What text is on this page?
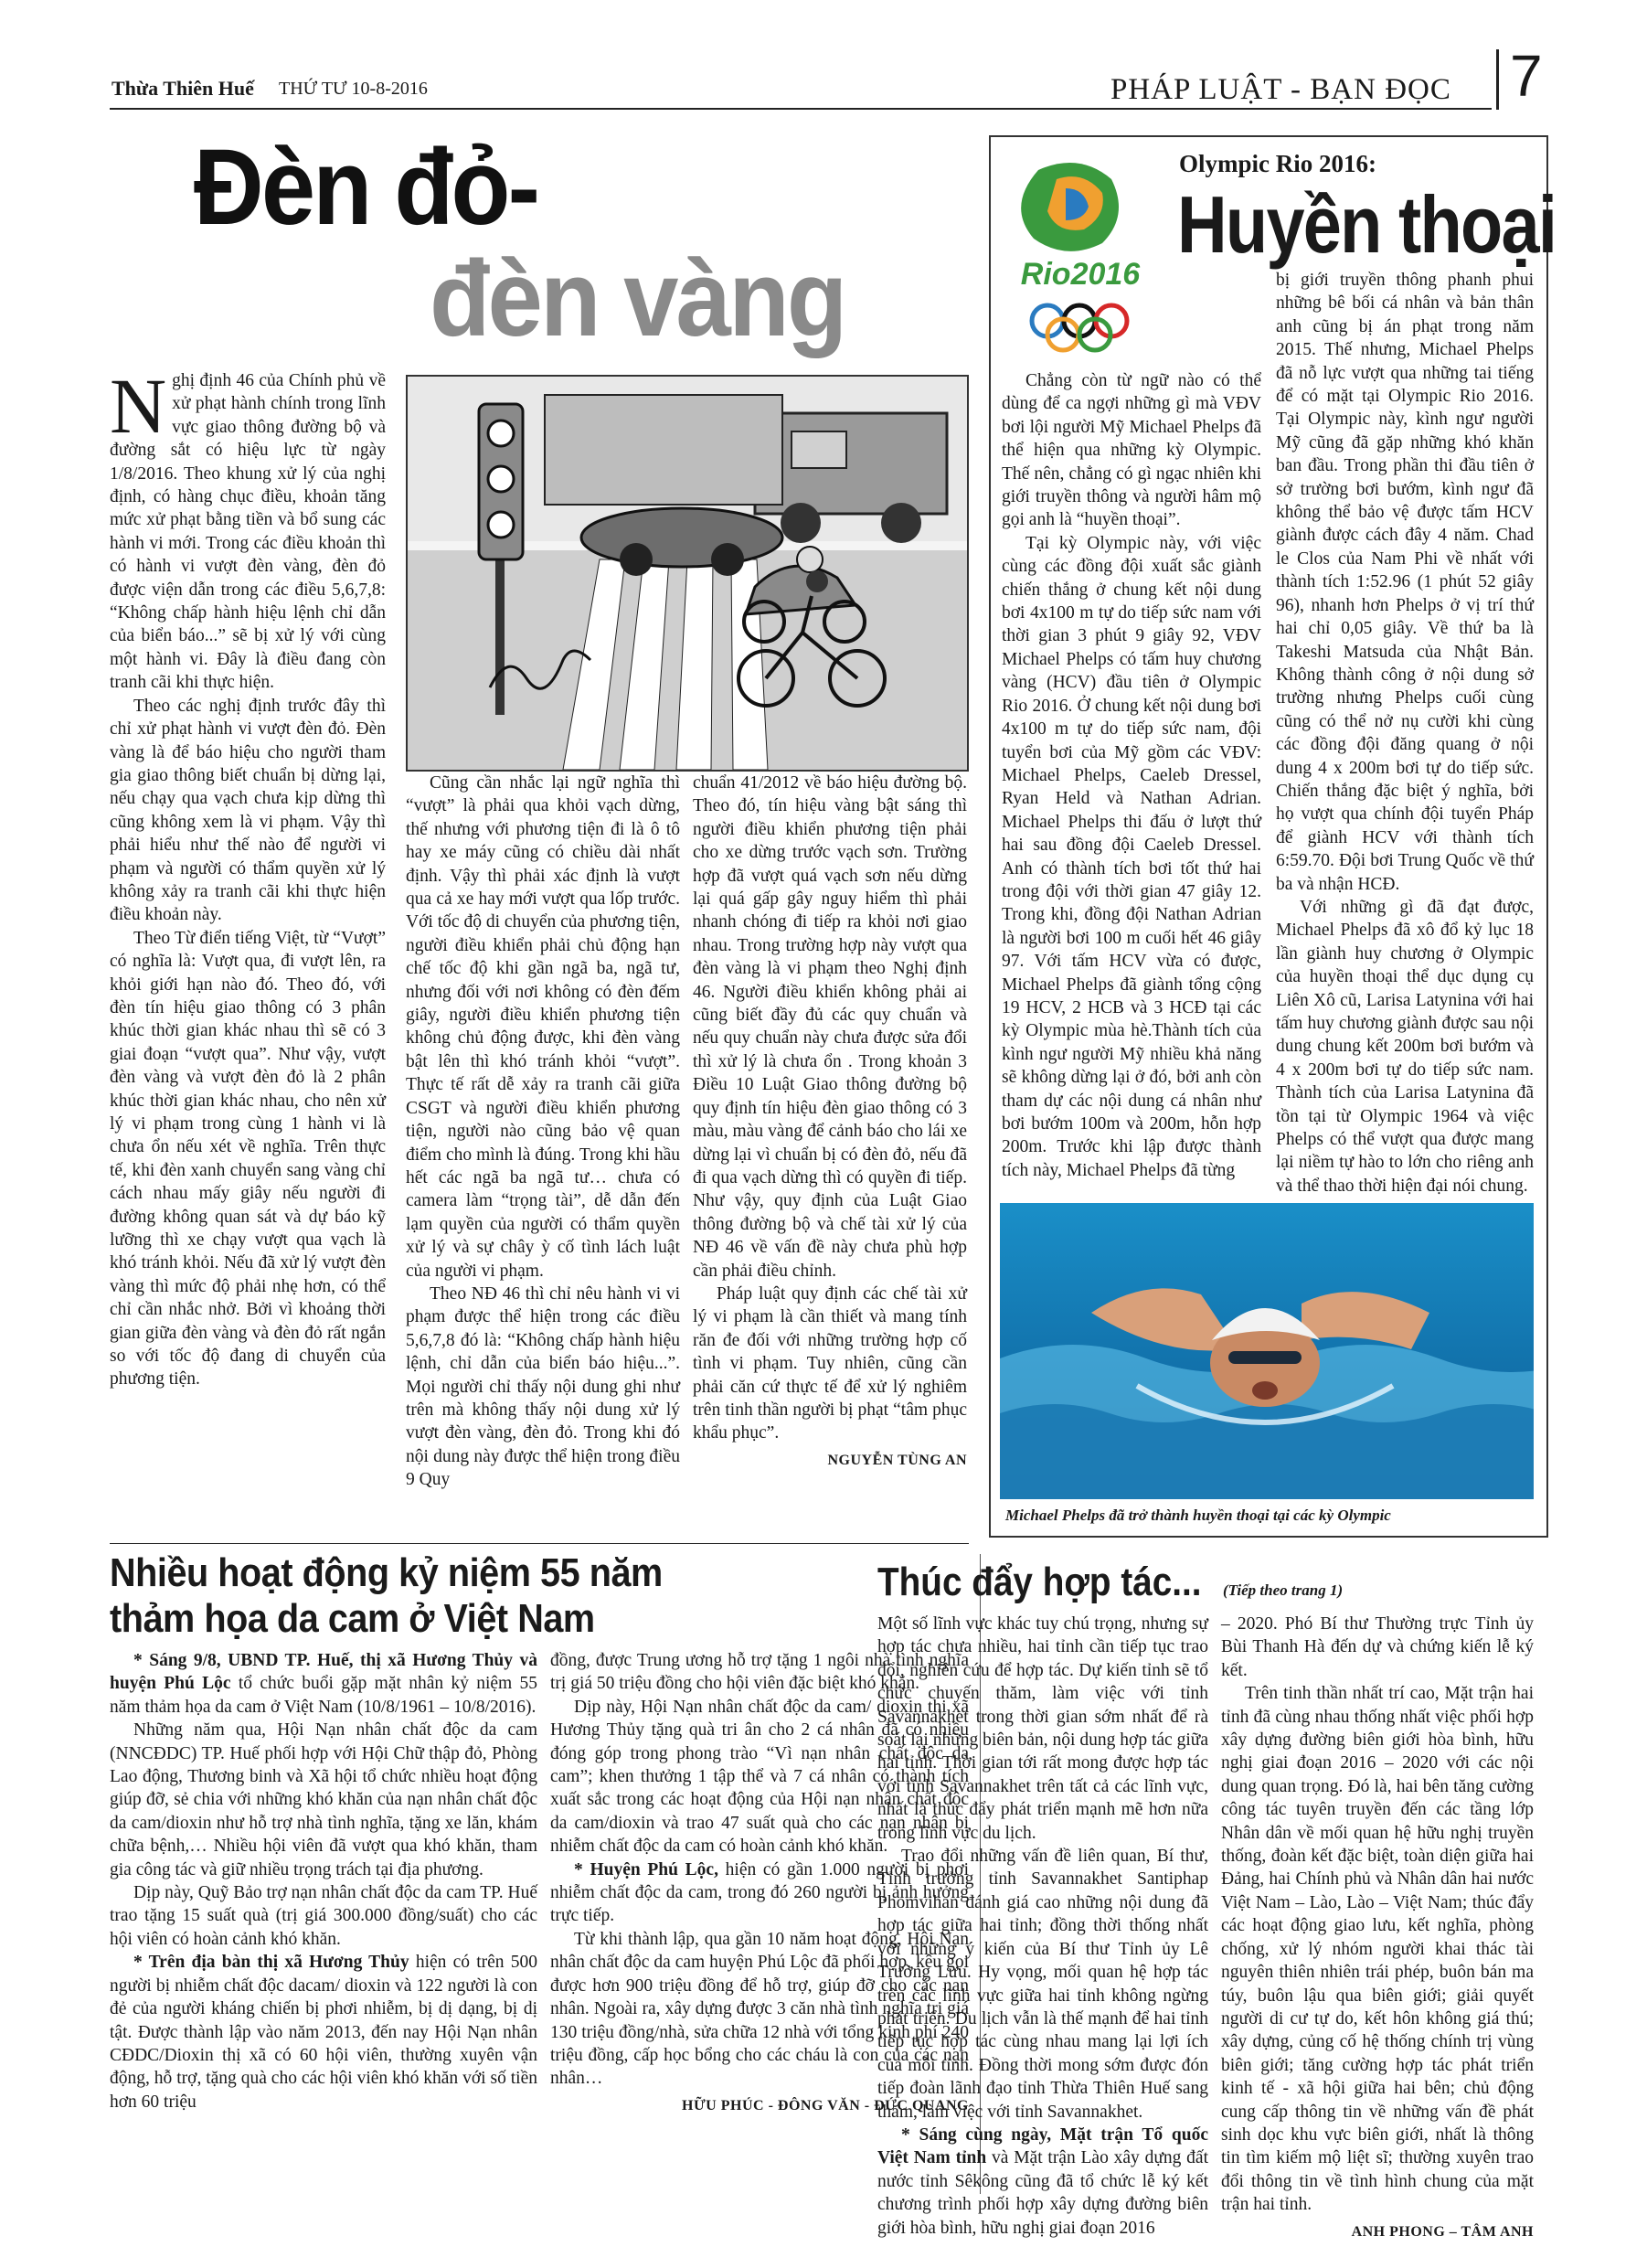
Thừa Thiên Huế THỨ TƯ 10-8-2016	PHÁP LUẬT - BẠN ĐỌC 7
Đèn đỏ-
đèn vàng
N ghị định 46 của Chính phủ về xử phạt hành chính trong lĩnh vực giao thông đường bộ và đường sắt có hiệu lực từ ngày 1/8/2016. Theo khung xử lý của nghị định, có hàng chục điều, khoản tăng mức xử phạt bằng tiền và bổ sung các hành vi mới. Trong các điều khoản thì có hành vi vượt đèn vàng, đèn đỏ được viện dẫn trong các điều 5,6,7,8: “Không chấp hành hiệu lệnh chỉ dẫn của biển báo...” sẽ bị xử lý với cùng một hành vi. Đây là điều đang còn tranh cãi khi thực hiện.

Theo các nghị định trước đây thì chỉ xử phạt hành vi vượt đèn đỏ. Đèn vàng là để báo hiệu cho người tham gia giao thông biết chuẩn bị dừng lại, nếu chạy qua vạch chưa kịp dừng thì cũng không xem là vi phạm. Vậy thì phải hiểu như thế nào để người vi phạm và người có thẩm quyền xử lý không xảy ra tranh cãi khi thực hiện điều khoản này.

Theo Từ điển tiếng Việt, từ “Vượt” có nghĩa là: Vượt qua, đi vượt lên, ra khỏi giới hạn nào đó. Theo đó, với đèn tín hiệu giao thông có 3 phân khúc thời gian khác nhau thì sẽ có 3 giai đoạn “vượt qua”. Như vậy, vượt đèn vàng và vượt đèn đỏ là 2 phân khúc thời gian khác nhau, cho nên xử lý vi phạm trong cùng 1 hành vi là chưa ổn nếu xét về nghĩa. Trên thực tế, khi đèn xanh chuyển sang vàng chỉ cách nhau mấy giây nếu người đi đường không quan sát và dự báo kỹ lưỡng thì xe chạy vượt qua vạch là khó tránh khỏi. Nếu đã xử lý vượt đèn vàng thì mức độ phải nhẹ hơn, có thể chỉ cần nhắc nhở. Bởi vì khoảng thời gian giữa đèn vàng và đèn đỏ rất ngắn so với tốc độ đang di chuyển của phương tiện.

Cũng cần nhắc lại ngữ nghĩa thì “vượt” là phải qua khỏi vạch dừng, thế nhưng với phương tiện đi là ô tô hay xe máy cũng có chiều dài nhất định. Vậy thì phải xác định là vượt qua cả xe hay mới vượt qua lốp trước. Với tốc độ di chuyển của phương tiện, người điều khiển phải chủ động hạn chế tốc độ khi gần ngã ba, ngã tư, nhưng đối với nơi không có đèn đếm giây, người điều khiển phương tiện không chủ động được, khi đèn vàng bật lên thì khó tránh khỏi “vượt”. Thực tế rất dễ xảy ra tranh cãi giữa CSGT và người điều khiển phương tiện, người nào cũng bảo vệ quan điểm cho mình là đúng. Trong khi hầu hết các ngã ba ngã tư… chưa có camera làm “trọng tài”, dễ dẫn đến lạm quyền của người có thẩm quyền xử lý và sự chây ỳ cố tình lách luật của người vi phạm.

Theo NĐ 46 thì chỉ nêu hành vi vi phạm được thể hiện trong các điều 5,6,7,8 đó là: “Không chấp hành hiệu lệnh, chỉ dẫn của biển báo hiệu...”. Mọi người chỉ thấy nội dung ghi như trên mà không thấy nội dung xử lý vượt đèn vàng, đèn đỏ. Trong khi đó nội dung này được thể hiện trong điều 9 Quy

chuẩn 41/2012 về báo hiệu đường bộ. Theo đó, tín hiệu vàng bật sáng thì người điều khiển phương tiện phải cho xe dừng trước vạch sơn. Trường hợp đã vượt quá vạch sơn nếu dừng lại quá gấp gây nguy hiểm thì phải nhanh chóng đi tiếp ra khỏi nơi giao nhau. Trong trường hợp này vượt qua đèn vàng là vi phạm theo Nghị định 46. Người điều khiển không phải ai cũng biết đầy đủ các quy chuẩn và nếu quy chuẩn này chưa được sửa đổi thì xử lý là chưa ổn . Trong khoản 3 Điều 10 Luật Giao thông đường bộ quy định tín hiệu đèn giao thông có 3 màu, màu vàng để cảnh báo cho lái xe dừng lại vì chuẩn bị có đèn đỏ, nếu đã đi qua vạch dừng thì có quyền đi tiếp. Như vậy, quy định của Luật Giao thông đường bộ và chế tài xử lý của NĐ 46 về vấn đề này chưa phù hợp cần phải điều chỉnh.

Pháp luật quy định các chế tài xử lý vi phạm là cần thiết và mang tính răn đe đối với những trường hợp cố tình vi phạm. Tuy nhiên, cũng cần phải căn cứ thực tế để xử lý nghiêm trên tinh thần người bị phạt “tâm phục khẩu phục”.

NGUYỄN TÙNG AN
Rio2016
Olympic Rio 2016:
Huyền thoại

Chẳng còn từ ngữ nào có thể dùng để ca ngợi những gì mà VĐV bơi lội người Mỹ Michael Phelps đã thể hiện qua những kỳ Olympic. Thế nên, chẳng có gì ngạc nhiên khi giới truyền thông và người hâm mộ gọi anh là “huyền thoại”.

Tại kỳ Olympic này, với việc cùng các đồng đội xuất sắc giành chiến thắng ở chung kết nội dung bơi 4x100 m tự do tiếp sức nam với thời gian 3 phút 9 giây 92, VĐV Michael Phelps có tấm huy chương vàng (HCV) đầu tiên ở Olympic Rio 2016. Ở chung kết nội dung bơi 4x100 m tự do tiếp sức nam, đội tuyển bơi của Mỹ gồm các VĐV: Michael Phelps, Caeleb Dressel, Ryan Held và Nathan Adrian. Michael Phelps thi đấu ở lượt thứ hai sau đồng đội Caeleb Dressel. Anh có thành tích bơi tốt thứ hai trong đội với thời gian 47 giây 12. Trong khi, đồng đội Nathan Adrian là người bơi 100 m cuối hết 46 giây 97. Với tấm HCV vừa có được, Michael Phelps đã giành tổng cộng 19 HCV, 2 HCB và 3 HCĐ tại các kỳ Olympic mùa hè.Thành tích của kình ngư người Mỹ nhiều khả năng sẽ không dừng lại ở đó, bởi anh còn tham dự các nội dung cá nhân như bơi bướm 100m và 200m, hỗn hợp 200m. Trước khi lập được thành tích này, Michael Phelps đã từng

bị giới truyền thông phanh phui những bê bối cá nhân và bản thân anh cũng bị án phạt trong năm 2015. Thế nhưng, Michael Phelps đã nỗ lực vượt qua những tai tiếng để có mặt tại Olympic Rio 2016. Tại Olympic này, kình ngư người Mỹ cũng đã gặp những khó khăn ban đầu. Trong phần thi đầu tiên ở sở trường bơi bướm, kình ngư đã không thể bảo vệ được tấm HCV giành được cách đây 4 năm. Chad le Clos của Nam Phi về nhất với thành tích 1:52.96 (1 phút 52 giây 96), nhanh hơn Phelps ở vị trí thứ hai chỉ 0,05 giây. Về thứ ba là Takeshi Matsuda của Nhật Bản. Không thành công ở nội dung sở trường nhưng Phelps cuối cùng cũng có thể nở nụ cười khi cùng các đồng đội đăng quang ở nội dung 4 x 200m bơi tự do tiếp sức. Chiến thắng đặc biệt ý nghĩa, bởi họ vượt qua chính đội tuyển Pháp để giành HCV với thành tích 6:59.70. Đội bơi Trung Quốc về thứ ba và nhận HCĐ.

Với những gì đã đạt được, Michael Phelps đã xô đổ kỷ lục 18 lần giành huy chương ở Olympic của huyền thoại thể dục dụng cụ Liên Xô cũ, Larisa Latynina với hai tấm huy chương giành được sau nội dung chung kết 200m bơi bướm và 4 x 200m bơi tự do tiếp sức nam. Thành tích của Larisa Latynina đã tồn tại từ Olympic 1964 và việc Phelps có thể vượt qua được mang lại niềm tự hào to lớn cho riêng anh và thể thao thời hiện đại nói chung.

Michael Phelps đã trở thành huyền thoại tại các kỳ Olympic
Nhiều hoạt động kỷ niệm 55 năm
thảm họa da cam ở Việt Nam

* Sáng 9/8, UBND TP. Huế, thị xã Hương Thủy và huyện Phú Lộc tổ chức buổi gặp mặt nhân kỷ niệm 55 năm thảm họa da cam ở Việt Nam (10/8/1961 – 10/8/2016).

Những năm qua, Hội Nạn nhân chất độc da cam (NNCĐDC) TP. Huế phối hợp với Hội Chữ thập đỏ, Phòng Lao động, Thương binh và Xã hội tổ chức nhiều hoạt động giúp đỡ, sẻ chia với những khó khăn của nạn nhân chất độc da cam/dioxin như hỗ trợ nhà tình nghĩa, tặng xe lăn, khám chữa bệnh,… Nhiều hội viên đã vượt qua khó khăn, tham gia công tác và giữ nhiều trọng trách tại địa phương.

Dịp này, Quỹ Bảo trợ nạn nhân chất độc da cam TP. Huế trao tặng 15 suất quà (trị giá 300.000 đồng/suất) cho các hội viên có hoàn cảnh khó khăn.

* Trên địa bàn thị xã Hương Thủy hiện có trên 500 người bị nhiễm chất độc dacam/ dioxin và 122 người là con đẻ của người kháng chiến bị phơi nhiễm, bị dị dạng, bị dị tật. Được thành lập vào năm 2013, đến nay Hội Nạn nhân CĐDC/Dioxin thị xã có 60 hội viên, thường xuyên vận động, hỗ trợ, tặng quà cho các hội viên khó khăn với số tiền hơn 60 triệu

đồng, được Trung ương hỗ trợ tặng 1 ngôi nhà tình nghĩa trị giá 50 triệu đồng cho hội viên đặc biệt khó khăn.

Dịp này, Hội Nạn nhân chất độc da cam/ dioxin thị xã Hương Thủy tặng quà tri ân cho 2 cá nhân đã có nhiều đóng góp trong phong trào “Vì nạn nhân chất độc da cam”; khen thưởng 1 tập thể và 7 cá nhân có thành tích xuất sắc trong các hoạt động của Hội nạn nhân chất độc da cam/dioxin và trao 47 suất quà cho các nạn nhân bị nhiễm chất độc da cam có hoàn cảnh khó khăn.

* Huyện Phú Lộc, hiện có gần 1.000 người bị phơi nhiễm chất độc da cam, trong đó 260 người bị ảnh hưởng trực tiếp.

Từ khi thành lập, qua gần 10 năm hoạt động, Hội Nạn nhân chất độc da cam huyện Phú Lộc đã phối hợp, kêu gọi được hơn 900 triệu đồng để hỗ trợ, giúp đỡ cho các nạn nhân. Ngoài ra, xây dựng được 3 căn nhà tình nghĩa trị giá 130 triệu đồng/nhà, sửa chữa 12 nhà với tổng kinh phí 240 triệu đồng, cấp học bổng cho các cháu là con của các nạn nhân…

HỮU PHÚC - ĐÔNG VĂN - ĐỨC QUANG
Thúc đẩy hợp tác... (Tiếp theo trang 1)

Một số lĩnh vực khác tuy chú trọng, nhưng sự hợp tác chưa nhiều, hai tỉnh cần tiếp tục trao đổi, nghiên cứu để hợp tác. Dự kiến tỉnh sẽ tổ chức chuyến thăm, làm việc với tỉnh Savannakhet trong thời gian sớm nhất để rà soát lại những biên bản, nội dung hợp tác giữa hai tỉnh. Thời gian tới rất mong được hợp tác với tỉnh Savannakhet trên tất cả các lĩnh vực, nhất là thúc đẩy phát triển mạnh mẽ hơn nữa trong lĩnh vực du lịch.

Trao đổi những vấn đề liên quan, Bí thư, Tỉnh trưởng tỉnh Savannakhet Santiphap Phomvihan đánh giá cao những nội dung đã hợp tác giữa hai tỉnh; đồng thời thống nhất với những ý kiến của Bí thư Tỉnh ủy Lê Trường Lưu. Hy vọng, mối quan hệ hợp tác trên các lĩnh vực giữa hai tỉnh không ngừng phát triển. Du lịch vẫn là thế mạnh để hai tỉnh tiếp tục hợp tác cùng nhau mang lại lợi ích của mỗi tỉnh. Đồng thời mong sớm được đón tiếp đoàn lãnh đạo tỉnh Thừa Thiên Huế sang thăm, làm việc với tỉnh Savannakhet.

* Sáng cùng ngày, Mặt trận Tổ quốc Việt Nam tỉnh và Mặt trận Lào xây dựng đất nước tỉnh Sêkông cũng đã tổ chức lễ ký kết chương trình phối hợp xây dựng đường biên giới hòa bình, hữu nghị giai đoạn 2016

– 2020. Phó Bí thư Thường trực Tỉnh ủy Bùi Thanh Hà đến dự và chứng kiến lễ ký kết.

Trên tinh thần nhất trí cao, Mặt trận hai tỉnh đã cùng nhau thống nhất việc phối hợp xây dựng đường biên giới hòa bình, hữu nghị giai đoạn 2016 – 2020 với các nội dung quan trọng. Đó là, hai bên tăng cường công tác tuyên truyền đến các tầng lớp Nhân dân về mối quan hệ hữu nghị truyền thống, đoàn kết đặc biệt, toàn diện giữa hai Đảng, hai Chính phủ và Nhân dân hai nước Việt Nam – Lào, Lào – Việt Nam; thúc đẩy các hoạt động giao lưu, kết nghĩa, phòng chống, xử lý nhóm người khai thác tài nguyên thiên nhiên trái phép, buôn bán ma túy, buôn lậu qua biên giới; giải quyết người di cư tự do, kết hôn không giá thú; xây dựng, củng cố hệ thống chính trị vùng biên giới; tăng cường hợp tác phát triển kinh tế - xã hội giữa hai bên; chủ động cung cấp thông tin về những vấn đề phát sinh dọc khu vực biên giới, nhất là thông tin tìm kiếm mộ liệt sĩ; thường xuyên trao đổi thông tin về tình hình chung của mặt trận hai tỉnh.

ANH PHONG – TÂM ANH
